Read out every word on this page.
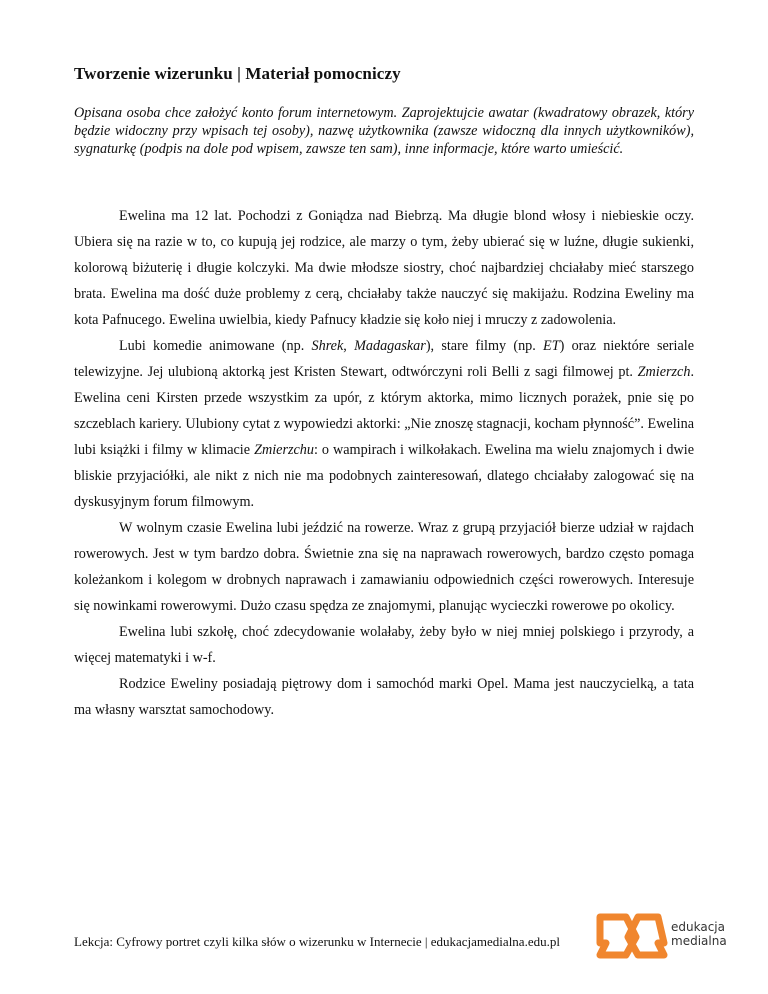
Tworzenie wizerunku | Materiał pomocniczy

Opisana osoba chce założyć konto forum internetowym. Zaprojektujcie awatar (kwadratowy obrazek, który będzie widoczny przy wpisach tej osoby), nazwę użytkownika (zawsze widoczną dla innych użytkowników), sygnaturkę (podpis na dole pod wpisem, zawsze ten sam), inne informacje, które warto umieścić.

Ewelina ma 12 lat. Pochodzi z Goniądza nad Biebrzą. Ma długie blond włosy i niebieskie oczy. Ubiera się na razie w to, co kupują jej rodzice, ale marzy o tym, żeby ubierać się w luźne, długie sukienki, kolorową biżuterię i długie kolczyki. Ma dwie młodsze siostry, choć najbardziej chciałaby mieć starszego brata. Ewelina ma dość duże problemy z cerą, chciałaby także nauczyć się makijażu. Rodzina Eweliny ma kota Pafnucego. Ewelina uwielbia, kiedy Pafnucy kładzie się koło niej i mruczy z zadowolenia.

Lubi komedie animowane (np. Shrek, Madagaskar), stare filmy (np. ET) oraz niektóre seriale telewizyjne. Jej ulubioną aktorką jest Kristen Stewart, odtwórczyni roli Belli z sagi filmowej pt. Zmierzch. Ewelina ceni Kirsten przede wszystkim za upór, z którym aktorka, mimo licznych porażek, pnie się po szczeblach kariery. Ulubiony cytat z wypowiedzi aktorki: „Nie znoszę stagnacji, kocham płynność”. Ewelina lubi książki i filmy w klimacie Zmierzchu: o wampirach i wilkołakach. Ewelina ma wielu znajomych i dwie bliskie przyjaciółki, ale nikt z nich nie ma podobnych zainteresowań, dlatego chciałaby zalogować się na dyskusyjnym forum filmowym.

W wolnym czasie Ewelina lubi jeździć na rowerze. Wraz z grupą przyjaciół bierze udział w rajdach rowerowych. Jest w tym bardzo dobra. Świetnie zna się na naprawach rowerowych, bardzo często pomaga koleżankom i kolegom w drobnych naprawach i zamawianiu odpowiednich części rowerowych. Interesuje się nowinkami rowerowymi. Dużo czasu spędza ze znajomymi, planując wycieczki rowerowe po okolicy.

Ewelina lubi szkołę, choć zdecydowanie wolałaby, żeby było w niej mniej polskiego i przyrody, a więcej matematyki i w-f.

Rodzice Eweliny posiadają piętrowy dom i samochód marki Opel. Mama jest nauczycielką, a tata ma własny warsztat samochodowy.

Lekcja: Cyfrowy portret czyli kilka słów o wizerunku w Internecie | edukacjamedialna.edu.pl
edukacja
medialna
